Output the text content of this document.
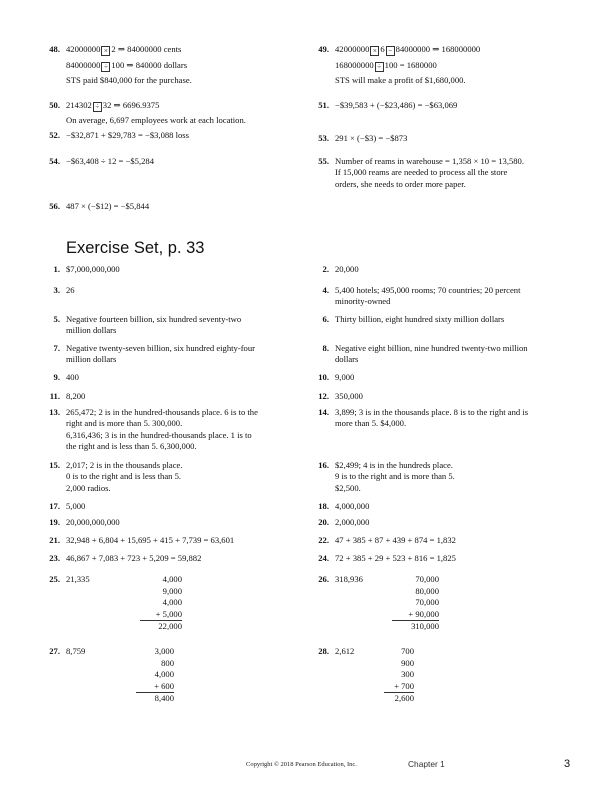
48. 42000000 × 2 ⇒ 84000000 cents
84000000 ÷ 100 ⇒ 840000 dollars
STS paid $840,000 for the purchase.
49. 42000000 × 6 − 84000000 ⇒ 168000000
168000000 ÷ 100 = 1680000
STS will make a profit of $1,680,000.
50. 214302 ÷ 32 ⇒ 6696.9375
On average, 6,697 employees work at each location.
51. −$39,583 + (−$23,486) = −$63,069
52. −$32,871 + $29,783 = −$3,088 loss	53. 291 × (−$3) = −$873
54. −$63,408 ÷ 12 = −$5,284	55. Number of reams in warehouse = 1,358 × 10 = 13,580.
If 15,000 reams are needed to process all the store
orders, she needs to order more paper.
56. 487 × (−$12) = −$5,844
Exercise Set, p. 33
1. $7,000,000,000	2. 20,000
3. 26	4. 5,400 hotels; 495,000 rooms; 70 countries; 20 percent
minority-owned
5. Negative fourteen billion, six hundred seventy-two
million dollars
6. Thirty billion, eight hundred sixty million dollars
7. Negative twenty-seven billion, six hundred eighty-four
million dollars
8. Negative eight billion, nine hundred twenty-two million
dollars
9. 400	10. 9,000
11. 8,200	12. 350,000
13. 265,472; 2 is in the hundred-thousands place. 6 is to the
right and is more than 5. 300,000.
6,316,436; 3 is in the hundred-thousands place. 1 is to
the right and is less than 5. 6,300,000.
14. 3,899; 3 is in the thousands place. 8 is to the right and is
more than 5. $4,000.
15. 2,017; 2 is in the thousands place.
0 is to the right and is less than 5.
2,000 radios.
16. $2,499; 4 is in the hundreds place.
9 is to the right and is more than 5.
$2,500.
17. 5,000	18. 4,000,000
19. 20,000,000,000	20. 2,000,000
21. 32,948 + 6,804 + 15,695 + 415 + 7,739 = 63,601	22. 47 + 385 + 87 + 439 + 874 = 1,832
23. 46,867 + 7,083 + 723 + 5,209 = 59,882	24. 72 + 385 + 29 + 523 + 816 = 1,825
25. 21,335	4,000
9,000
4,000
+ 5,000
22,000
26. 318,936	70,000
80,000
70,000
+ 90,000
310,000
27. 8,759	3,000
800
4,000
+ 600
8,400
28. 2,612	700
900
300
+ 700
2,600
Copyright © 2018 Pearson Education, Inc.	Chapter 1	3
